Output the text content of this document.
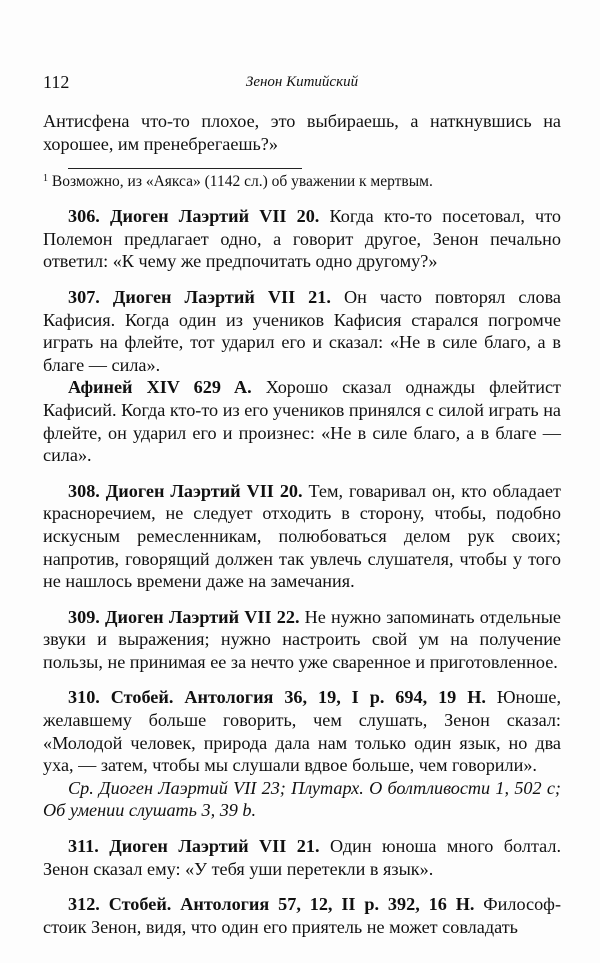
112	Зенон Китийский

Антисфена что-то плохое, это выбираешь, а наткнувшись на хорошее, им пренебрегаешь?»

$^1$ Возможно, из «Аякса» (1142 сл.) об уважении к мертвым.

306. Диоген Лаэртий VII 20. Когда кто-то посетовал, что Полемон предлагает одно, а говорит другое, Зенон печально ответил: «К чему же предпочитать одно другому?»

307. Диоген Лаэртий VII 21. Он часто повторял слова Кафисия. Когда один из учеников Кафисия старался погромче играть на флейте, тот ударил его и сказал: «Не в силе благо, а в благе — сила».

Афиней XIV 629 A. Хорошо сказал однажды флейтист Кафисий. Когда кто-то из его учеников принялся с силой играть на флейте, он ударил его и произнес: «Не в силе благо, а в благе — сила».

308. Диоген Лаэртий VII 20. Тем, говаривал он, кто обладает красноречием, не следует отходить в сторону, чтобы, подобно искусным ремесленникам, полюбоваться делом рук своих; напротив, говорящий должен так увлечь слушателя, чтобы у того не нашлось времени даже на замечания.

309. Диоген Лаэртий VII 22. Не нужно запоминать отдельные звуки и выражения; нужно настроить свой ум на получение пользы, не принимая ее за нечто уже сваренное и приготовленное.

310. Стобей. Антология 36, 19, I p. 694, 19 H. Юноше, желавшему больше говорить, чем слушать, Зенон сказал: «Молодой человек, природа дала нам только один язык, но два уха, — затем, чтобы мы слушали вдвое больше, чем говорили».

Ср. Диоген Лаэртий VII 23; Плутарх. О болтливости 1, 502 c; Об умении слушать 3, 39 b.

311. Диоген Лаэртий VII 21. Один юноша много болтал. Зенон сказал ему: «У тебя уши перетекли в язык».

312. Стобей. Антология 57, 12, II p. 392, 16 H. Философ-стоик Зенон, видя, что один его приятель не может совладать
